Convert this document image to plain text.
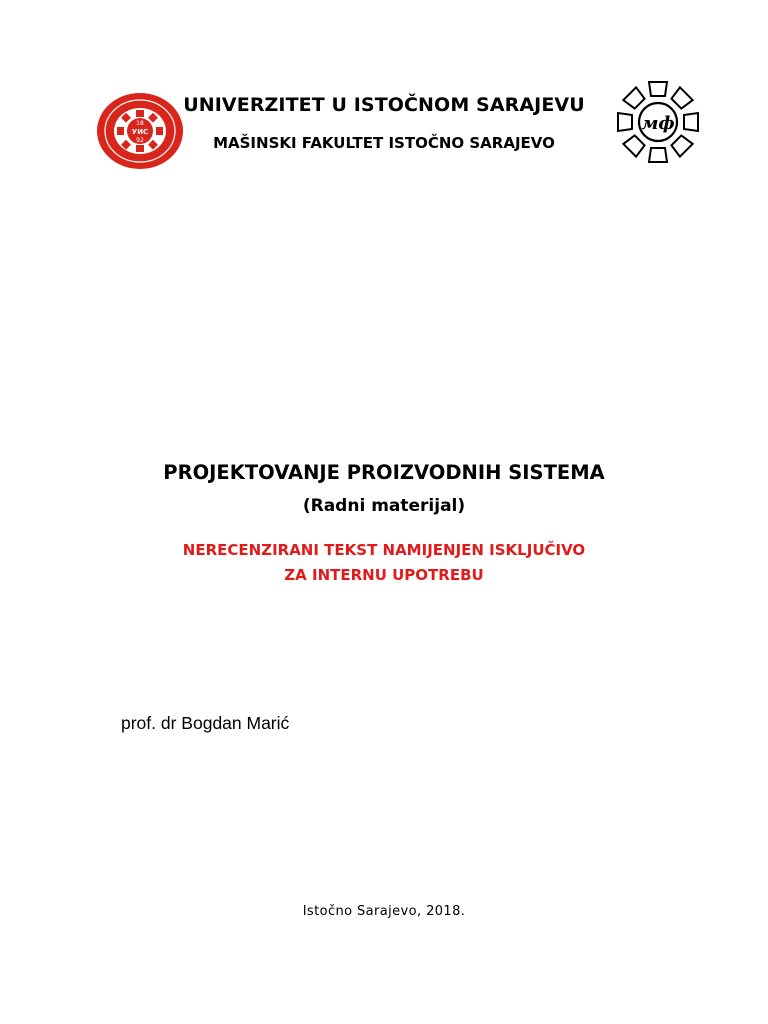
18
УИС
92
мф
UNIVERZITET U ISTOČNOM SARAJEVU
MAŠINSKI FAKULTET ISTOČNO SARAJEVO
PROJEKTOVANJE PROIZVODNIH SISTEMA
(Radni materijal)
NERECENZIRANI TEKST NAMIJENJEN ISKLJUČIVO
ZA INTERNU UPOTREBU
prof. dr Bogdan Marić
Istočno Sarajevo, 2018.
